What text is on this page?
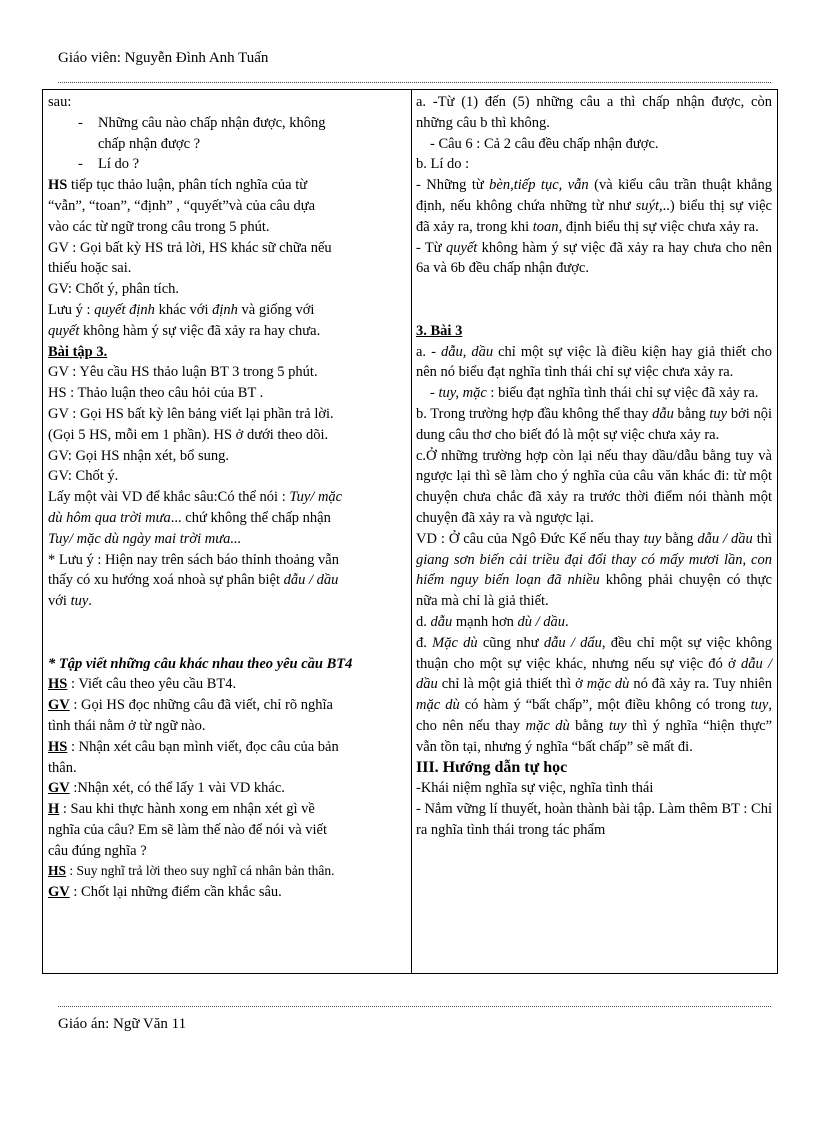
Giáo viên: Nguyễn Đình Anh Tuấn
sau:
-	Những câu nào chấp nhận được, không
chấp nhận được ?
-	Lí do ?
HS tiếp tục thảo luận, phân tích nghĩa của từ
“vẫn”, “toan”, “định” , “quyết”và của câu dựa
vào các từ ngữ trong câu trong 5 phút.
GV : Gọi bất kỳ HS trả lời, HS khác sữ chữa nếu
thiếu hoặc sai.
GV: Chốt ý, phân tích.
Lưu ý : quyết định khác với định và giống với
quyết không hàm ý sự việc đã xảy ra hay chưa.
Bài tập 3.
GV : Yêu cầu HS thảo luận BT 3 trong 5 phút.
HS : Thảo luận theo câu hỏi của BT .
GV : Gọi HS bất kỳ lên bảng viết lại phần trả lời.
(Gọi 5 HS, mỗi em 1 phần). HS ở dưới theo dõi.
GV: Gọi HS nhận xét, bổ sung.
GV: Chốt ý.
Lấy một vài VD để khắc sâu:Có thể nói : Tuy/ mặc
dù hôm qua trời mưa... chứ không thể chấp nhận
Tuy/ mặc dù ngày mai trời mưa...
* Lưu ý : Hiện nay trên sách báo thỉnh thoảng vẫn
thấy có xu hướng xoá nhoà sự phân biệt dẫu / dầu
với tuy.
* Tập viết những câu khác nhau theo yêu cầu BT4
HS : Viết câu theo yêu cầu BT4.
GV : Gọi HS đọc những câu đã viết, chỉ rõ nghĩa
tình thái nằm ở từ ngữ nào.
HS : Nhận xét câu bạn mình viết, đọc câu của bản
thân.
GV :Nhận xét, có thể lấy 1 vài VD khác.
H : Sau khi thực hành xong em nhận xét gì về
nghĩa của câu? Em sẽ làm thế nào để nói và viết
câu đúng nghĩa ?
HS : Suy nghĩ trả lời theo suy nghĩ cá nhân bản thân.
GV : Chốt lại những điểm cần khắc sâu.
a. -Từ (1) đến (5) những câu a thì chấp nhận được, còn những câu b thì không.
- Câu 6 : Cả 2 câu đều chấp nhận được.
b. Lí do :
- Những từ bèn,tiếp tục, vẫn (và kiểu câu trần thuật khẳng định, nếu không chứa những từ như suýt,..) biểu thị sự việc đã xảy ra, trong khi toan, định biểu thị sự việc chưa xảy ra.
- Từ quyết không hàm ý sự việc đã xảy ra hay chưa cho nên 6a và 6b đều chấp nhận được.
3. Bài 3
a. - dẫu, dầu chỉ một sự việc là điều kiện hay giả thiết cho nên nó biểu đạt nghĩa tình thái chỉ sự việc chưa xảy ra.
- tuy, mặc : biểu đạt nghĩa tình thái chỉ sự việc đã xảy ra.
b. Trong trường hợp đầu không thể thay dẫu bằng tuy bởi nội dung câu thơ cho biết đó là một sự việc chưa xảy ra.
c.Ở những trường hợp còn lại nếu thay dầu/dẫu bằng tuy và ngược lại thì sẽ làm cho ý nghĩa của câu văn khác đi: từ một chuyện chưa chắc đã xảy ra trước thời điểm nói thành một chuyện đã xảy ra và ngược lại.
VD : Ở câu của Ngô Đức Kế nếu thay tuy bằng dẫu / dầu thì giang sơn biến cải triều đại đổi thay có mấy mươi lần, con hiểm nguy biến loạn đã nhiều không phải chuyện có thực nữa mà chỉ là giả thiết.
d. dẫu mạnh hơn dù / dầu.
đ. Mặc dù cũng như dẫu / dẩu, đều chỉ một sự việc không thuận cho một sự việc khác, nhưng nếu sự việc đó ở dẫu / dầu chỉ là một giả thiết thì ở mặc dù nó đã xảy ra. Tuy nhiên mặc dù có hàm ý “bất chấp”, một điều không có trong tuy, cho nên nếu thay mặc dù bằng tuy thì ý nghĩa “hiện thực” vẫn tồn tại, nhưng ý nghĩa “bất chấp” sẽ mất đi.
III. Hướng dẫn tự học
-Khái niệm nghĩa sự việc, nghĩa tình thái
- Nắm vững lí thuyết, hoàn thành bài tập. Làm thêm BT : Chỉ ra nghĩa tình thái trong tác phẩm
Giáo án: Ngữ Văn 11
